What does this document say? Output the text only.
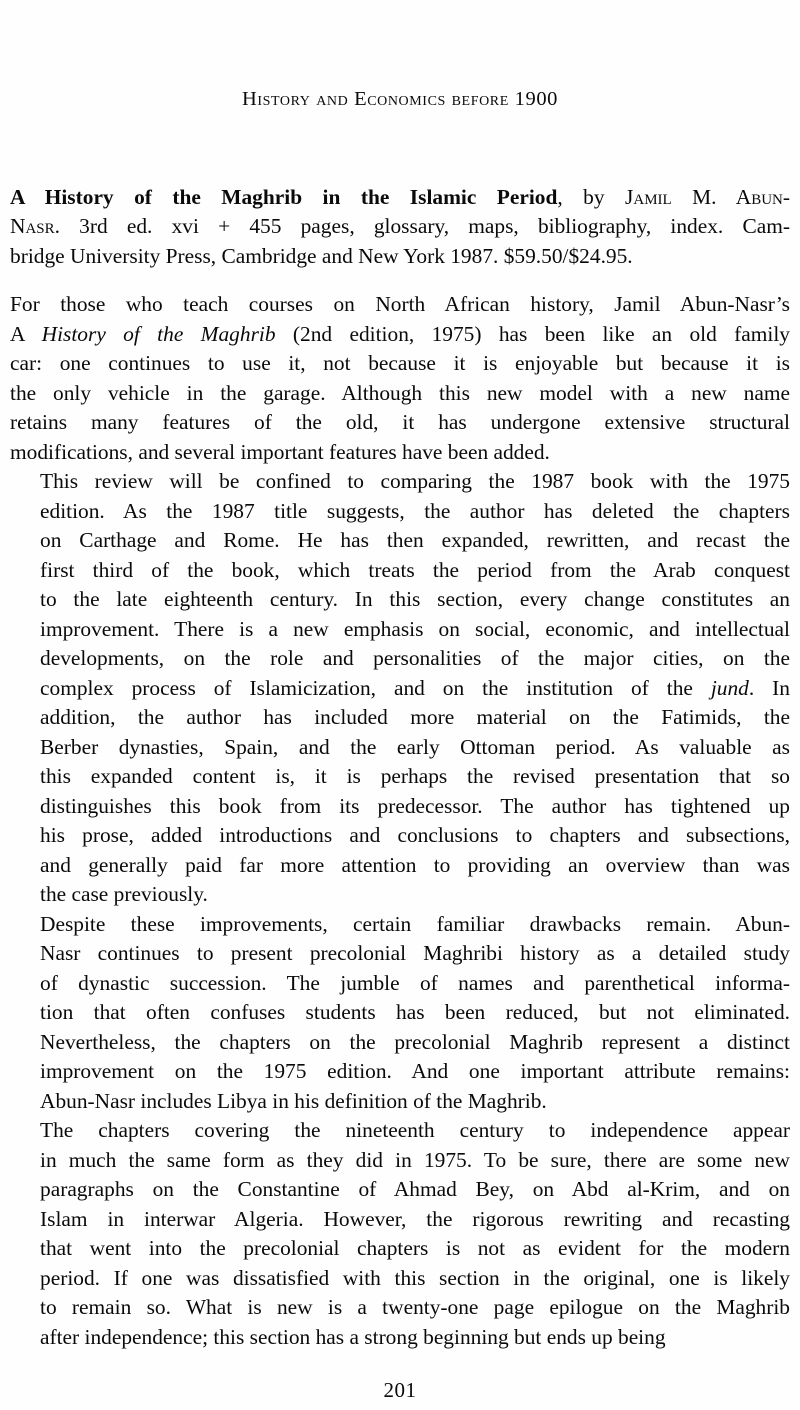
History and Economics before 1900
A History of the Maghrib in the Islamic Period, by Jamil M. Abun-
Nasr. 3rd ed. xvi + 455 pages, glossary, maps, bibliography, index. Cam-
bridge University Press, Cambridge and New York 1987. $59.50/$24.95.

For those who teach courses on North African history, Jamil Abun-Nasr’s
A History of the Maghrib (2nd edition, 1975) has been like an old family
car: one continues to use it, not because it is enjoyable but because it is
the only vehicle in the garage. Although this new model with a new name
retains many features of the old, it has undergone extensive structural
modifications, and several important features have been added.

This review will be confined to comparing the 1987 book with the 1975
edition. As the 1987 title suggests, the author has deleted the chapters
on Carthage and Rome. He has then expanded, rewritten, and recast the
first third of the book, which treats the period from the Arab conquest
to the late eighteenth century. In this section, every change constitutes an
improvement. There is a new emphasis on social, economic, and intellectual
developments, on the role and personalities of the major cities, on the
complex process of Islamicization, and on the institution of the jund. In
addition, the author has included more material on the Fatimids, the
Berber dynasties, Spain, and the early Ottoman period. As valuable as
this expanded content is, it is perhaps the revised presentation that so
distinguishes this book from its predecessor. The author has tightened up
his prose, added introductions and conclusions to chapters and subsections,
and generally paid far more attention to providing an overview than was
the case previously.

Despite these improvements, certain familiar drawbacks remain. Abun-
Nasr continues to present precolonial Maghribi history as a detailed study
of dynastic succession. The jumble of names and parenthetical informa-
tion that often confuses students has been reduced, but not eliminated.
Nevertheless, the chapters on the precolonial Maghrib represent a distinct
improvement on the 1975 edition. And one important attribute remains:
Abun-Nasr includes Libya in his definition of the Maghrib.

The chapters covering the nineteenth century to independence appear
in much the same form as they did in 1975. To be sure, there are some new
paragraphs on the Constantine of Ahmad Bey, on Abd al-Krim, and on
Islam in interwar Algeria. However, the rigorous rewriting and recasting
that went into the precolonial chapters is not as evident for the modern
period. If one was dissatisfied with this section in the original, one is likely
to remain so. What is new is a twenty-one page epilogue on the Maghrib
after independence; this section has a strong beginning but ends up being

201
